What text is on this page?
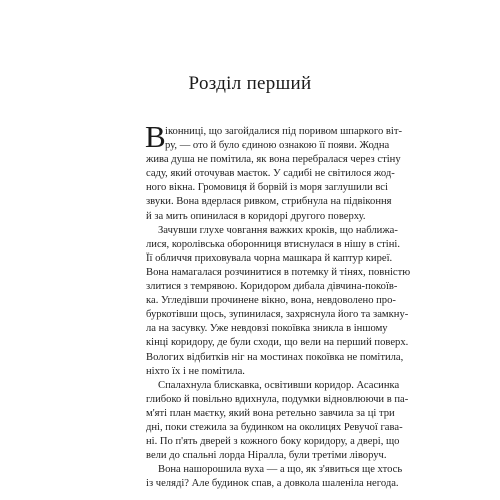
Розділ перший
В іконниці, що загойдалися під поривом шпаркого віт-
ру, — ото й було єдиною ознакою її появи. Жодна
жива душа не помітила, як вона перебралася через стіну
саду, який оточував маєток. У садибі не світилося жод-
ного вікна. Громовиця й борвій із моря заглушили всі
звуки. Вона вдерлася ривком, стрибнула на підвіконня
й за мить опинилася в коридорі другого поверху.
Зачувши глухе човгання важких кроків, що наближа-
лися, королівська оборонниця втиснулася в нішу в стіні.
Її обличчя приховувала чорна машкара й каптур киреї.
Вона намагалася розчинитися в потемку й тінях, повністю
злитися з темрявою. Коридором дибала дівчина-покоїв-
ка. Угледівши прочинене вікно, вона, невдоволено про-
буркотівши щось, зупинилася, захряснула його та замкну-
ла на засувку. Уже невдовзі покоївка зникла в іншому
кінці коридору, де були сходи, що вели на перший поверх.
Вологих відбитків ніг на мостинах покоївка не помітила,
ніхто їх і не помітила.
Спалахнула блискавка, освітивши коридор. Асасинка
глибоко й повільно вдихнула, подумки відновлюючи в па-
м'яті план маєтку, який вона ретельно завчила за ці три
дні, поки стежила за будинком на околицях Ревучої гава-
ні. По п'ять дверей з кожного боку коридору, а двері, що
вели до спальні лорда Ніралла, були третіми ліворуч.
Вона нашорошила вуха — а що, як з'явиться ще хтось
із челяді? Але будинок спав, а довкола шаленіла негода.
